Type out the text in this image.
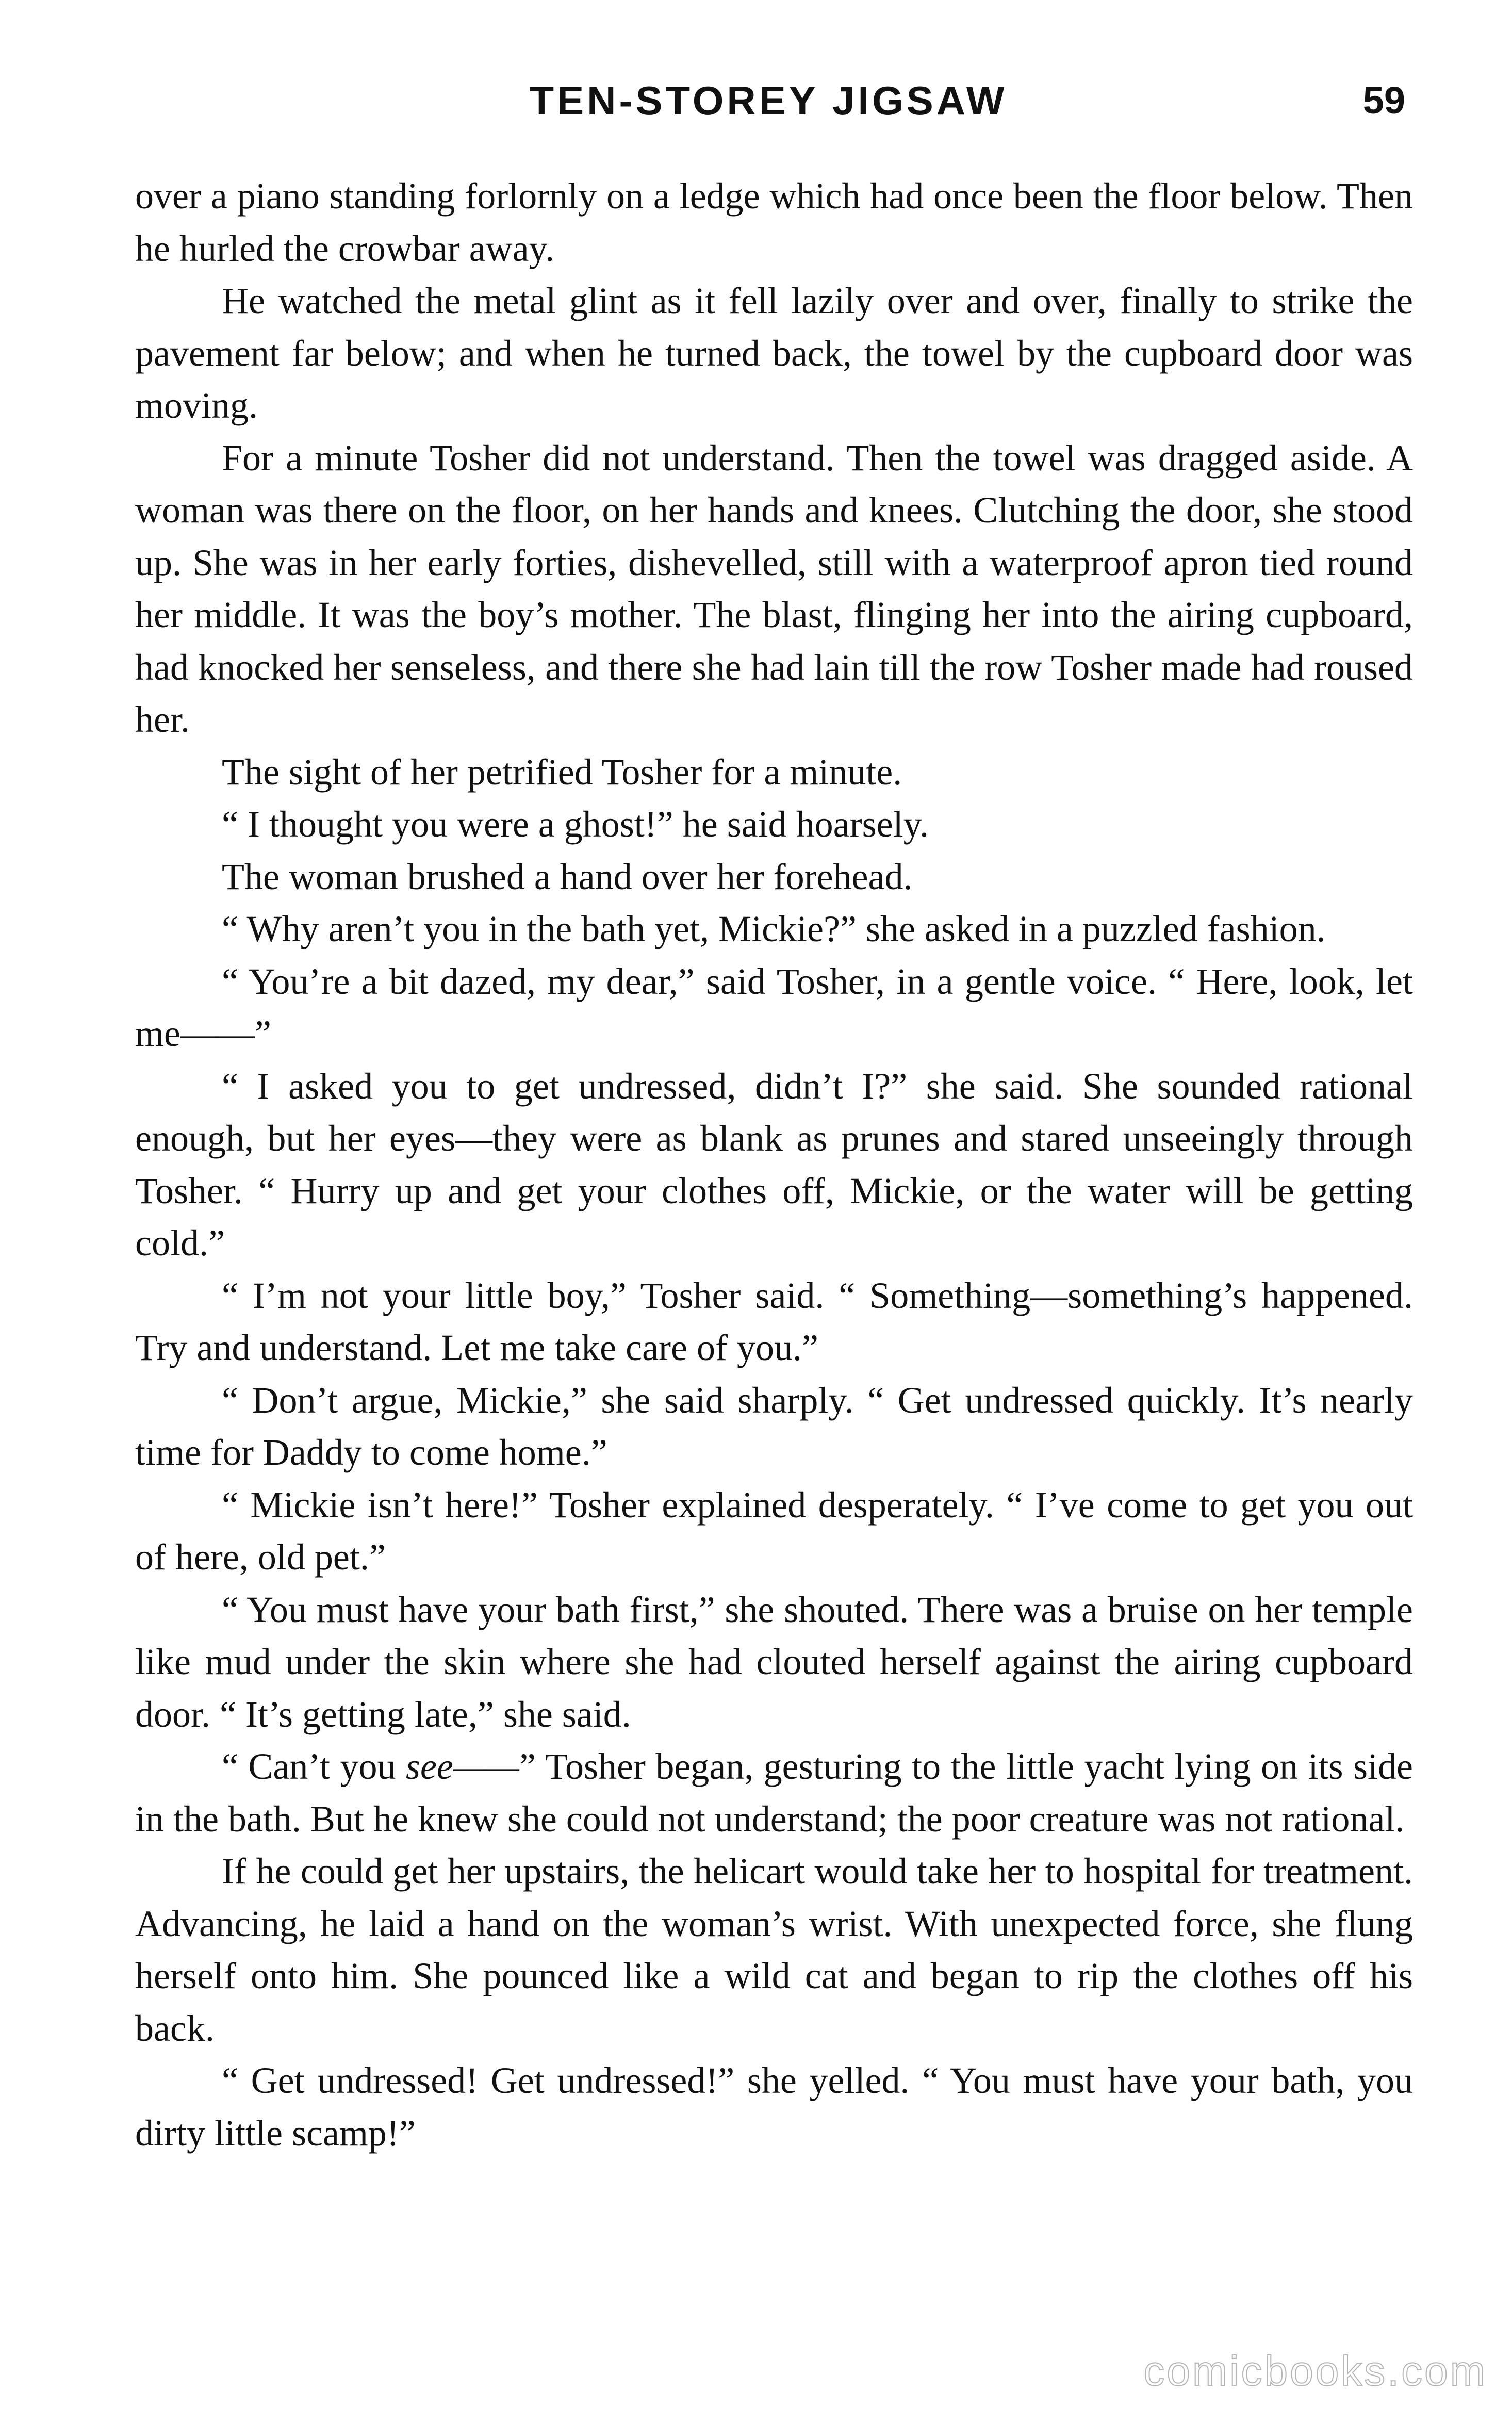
TEN-STOREY JIGSAW	59

over a piano standing forlornly on a ledge which had once been the floor below. Then he hurled the crowbar away.

He watched the metal glint as it fell lazily over and over, finally to strike the pavement far below; and when he turned back, the towel by the cupboard door was moving.

For a minute Tosher did not understand. Then the towel was dragged aside. A woman was there on the floor, on her hands and knees. Clutching the door, she stood up. She was in her early forties, dishevelled, still with a waterproof apron tied round her middle. It was the boy’s mother. The blast, flinging her into the airing cupboard, had knocked her senseless, and there she had lain till the row Tosher made had roused her.

The sight of her petrified Tosher for a minute.

“ I thought you were a ghost!” he said hoarsely.

The woman brushed a hand over her forehead.

“ Why aren’t you in the bath yet, Mickie?” she asked in a puzzled fashion.

“ You’re a bit dazed, my dear,” said Tosher, in a gentle voice. “ Here, look, let me——”

“ I asked you to get undressed, didn’t I?” she said. She sounded rational enough, but her eyes—they were as blank as prunes and stared unseeingly through Tosher. “ Hurry up and get your clothes off, Mickie, or the water will be getting cold.”

“ I’m not your little boy,” Tosher said. “ Something—something’s happened. Try and understand. Let me take care of you.”

“ Don’t argue, Mickie,” she said sharply. “ Get undressed quickly. It’s nearly time for Daddy to come home.”

“ Mickie isn’t here!” Tosher explained desperately. “ I’ve come to get you out of here, old pet.”

“ You must have your bath first,” she shouted. There was a bruise on her temple like mud under the skin where she had clouted herself against the airing cupboard door. “ It’s getting late,” she said.

“ Can’t you see——” Tosher began, gesturing to the little yacht lying on its side in the bath. But he knew she could not understand; the poor creature was not rational.

If he could get her upstairs, the helicart would take her to hospital for treatment. Advancing, he laid a hand on the woman’s wrist. With unexpected force, she flung herself onto him. She pounced like a wild cat and began to rip the clothes off his back.

“ Get undressed! Get undressed!” she yelled. “ You must have your bath, you dirty little scamp!”

comicbooks.com
